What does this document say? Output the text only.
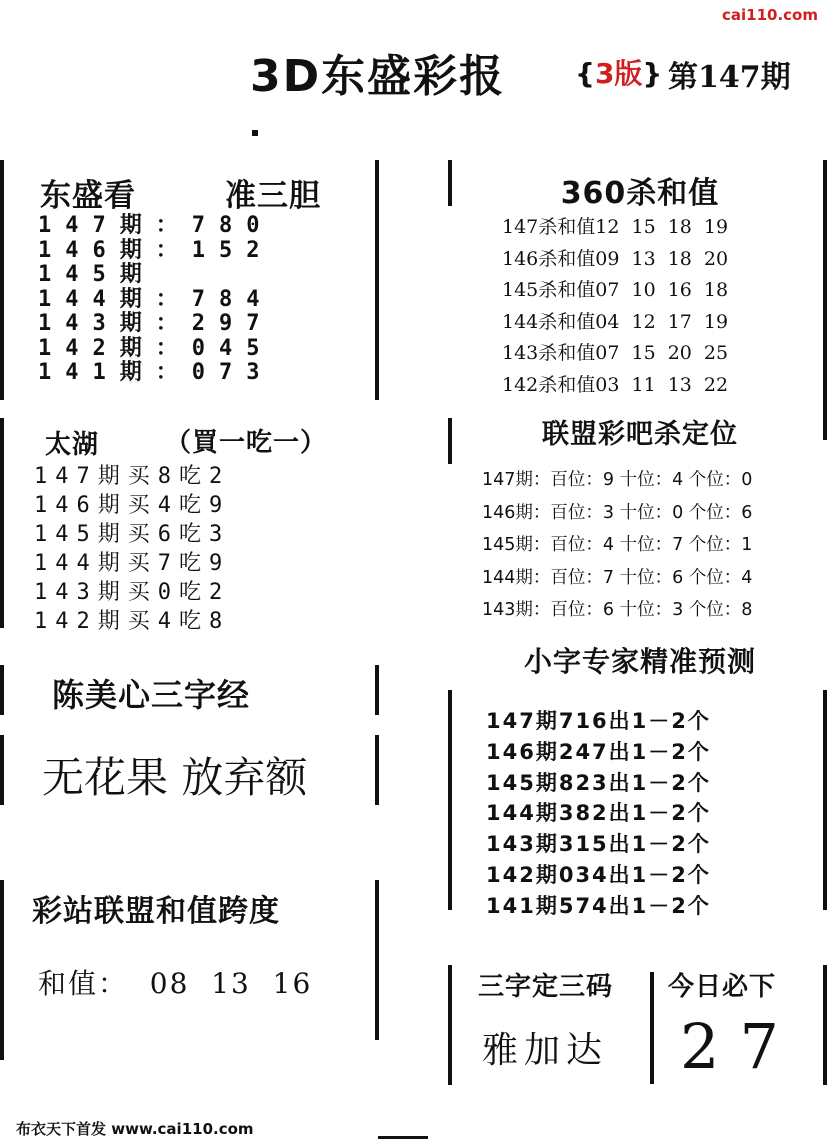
cai110.com
3D东盛彩报 {3版} 第147期
东盛看	准三胆
147期：780
146期：152
145期
144期：784
143期：297
142期：045
141期：073
360杀和值
147杀和值12 15 18 19
146杀和值09 13 18 20
145杀和值07 10 16 18
144杀和值04 12 17 19
143杀和值07 15 20 25
142杀和值03 11 13 22
太湖	（買一吃一）
147期买8吃2
146期买4吃9
145期买6吃3
144期买7吃9
143期买0吃2
142期买4吃8
联盟彩吧杀定位
147期：百位：9 十位：4 个位：0
146期：百位：3 十位：0 个位：6
145期：百位：4 十位：7 个位：1
144期：百位：7 十位：6 个位：4
143期：百位：6 十位：3 个位：8
陈美心三字经
无花果 放弃额
小字专家精准预测
147期716出1－2个
146期247出1－2个
145期823出1－2个
144期382出1－2个
143期315出1－2个
142期034出1－2个
141期574出1－2个
彩站联盟和值跨度
和值：  08  13  16	三字定三码
雅加达
今日必下
27
布衣天下首发 www.cai110.com
